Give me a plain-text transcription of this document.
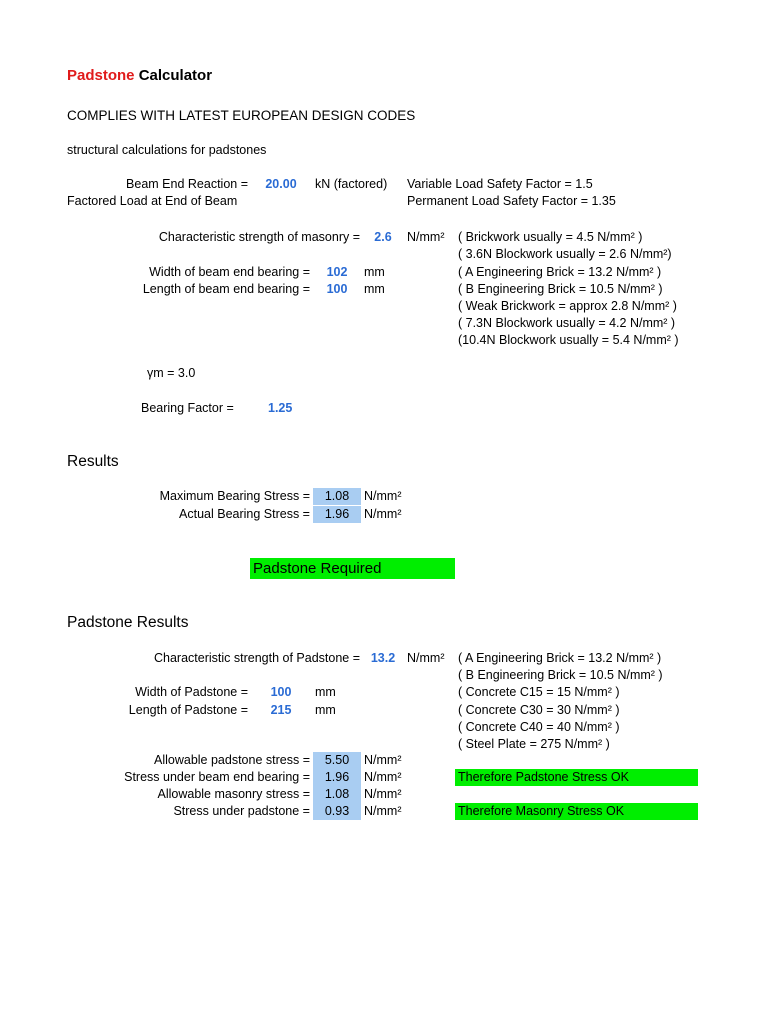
Padstone Calculator
COMPLIES WITH LATEST EUROPEAN DESIGN CODES
structural calculations for padstones
Beam End Reaction =	20.00	kN (factored)
Factored Load at End of Beam
Variable Load Safety Factor = 1.5
Permanent Load Safety Factor = 1.35
Characteristic strength of masonry =	2.6	N/mm²
Width of beam end bearing =	102	mm
Length of beam end bearing =	100	mm
( Brickwork usually = 4.5 N/mm² )
( 3.6N Blockwork usually = 2.6 N/mm²)
( A Engineering Brick = 13.2 N/mm² )
( B Engineering Brick = 10.5 N/mm² )
( Weak Brickwork = approx 2.8 N/mm² )
( 7.3N Blockwork usually = 4.2 N/mm² )
(10.4N Blockwork usually = 5.4 N/mm² )
γm = 3.0
Bearing Factor =	1.25
Results
Maximum Bearing Stress =	1.08	N/mm²
Actual Bearing Stress =	1.96	N/mm²
Padstone Required
Padstone Results
Characteristic strength of Padstone = 13.2 N/mm²
Width of Padstone =	100	mm
Length of Padstone =	215	mm
( A Engineering Brick = 13.2 N/mm² )
( B Engineering Brick = 10.5 N/mm² )
( Concrete C15 = 15 N/mm² )
( Concrete C30 = 30 N/mm² )
( Concrete C40 = 40 N/mm² )
( Steel Plate = 275 N/mm² )
Allowable padstone stress =	5.50	N/mm²
Stress under beam end bearing =	1.96	N/mm²
Allowable masonry stress =	1.08	N/mm²
Stress under padstone =	0.93	N/mm²
Therefore Padstone Stress OK
Therefore Masonry Stress OK
